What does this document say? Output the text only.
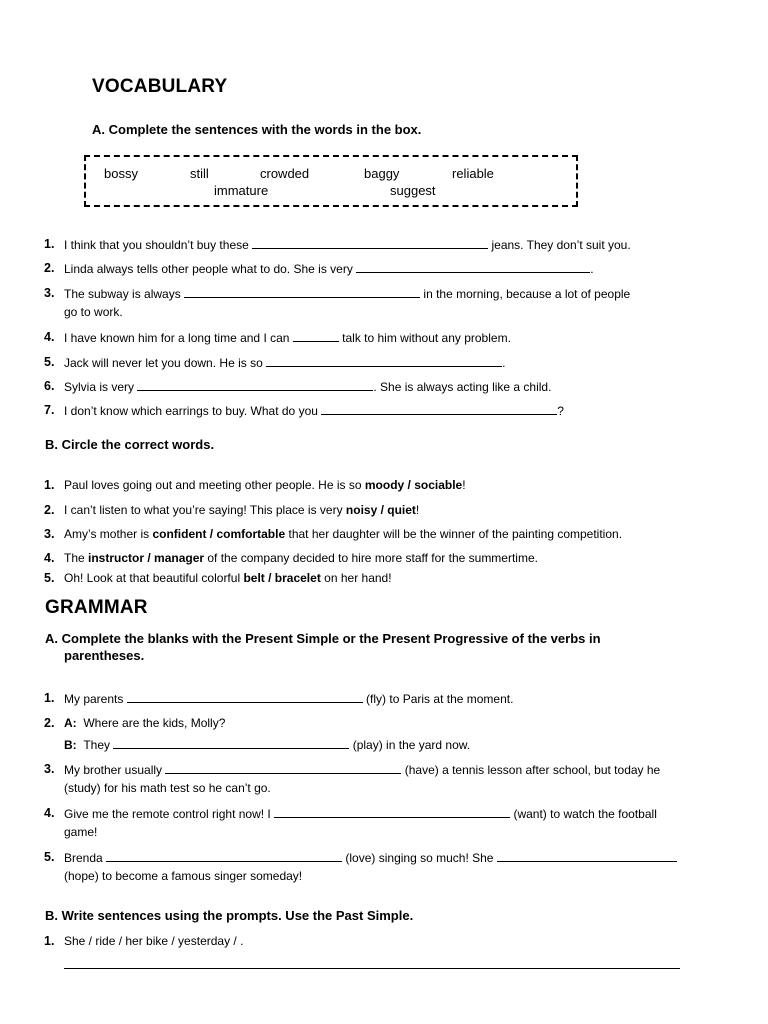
VOCABULARY
A. Complete the sentences with the words in the box.
bossy	still	crowded	baggy	reliable
immature	suggest
1. I think that you shouldn’t buy these	jeans. They don’t suit you.
2. Linda always tells other people what to do. She is very	.
3. The subway is always	in the morning, because a lot of people
go to work.
4. I have known him for a long time and I can	talk to him without any problem.
5. Jack will never let you down. He is so	.
6. Sylvia is very	. She is always acting like a child.
7. I don’t know which earrings to buy. What do you	?
B. Circle the correct words.
1. Paul loves going out and meeting other people. He is so moody / sociable!
2. I can’t listen to what you’re saying! This place is very noisy / quiet!
3. Amy’s mother is confident / comfortable that her daughter will be the winner of the painting competition.
4. The instructor / manager of the company decided to hire more staff for the summertime.
5. Oh! Look at that beautiful colorful belt / bracelet on her hand!
GRAMMAR
A. Complete the blanks with the Present Simple or the Present Progressive of the verbs in
parentheses.
1. My parents	(fly) to Paris at the moment.
2. A: Where are the kids, Molly?
B: They	(play) in the yard now.
3. My brother usually	(have) a tennis lesson after school, but today he
(study) for his math test so he can’t go.
4. Give me the remote control right now! I	(want) to watch the football
game!
5. Brenda	(love) singing so much! She
(hope) to become a famous singer someday!
B. Write sentences using the prompts. Use the Past Simple.
1. She / ride / her bike / yesterday / .
